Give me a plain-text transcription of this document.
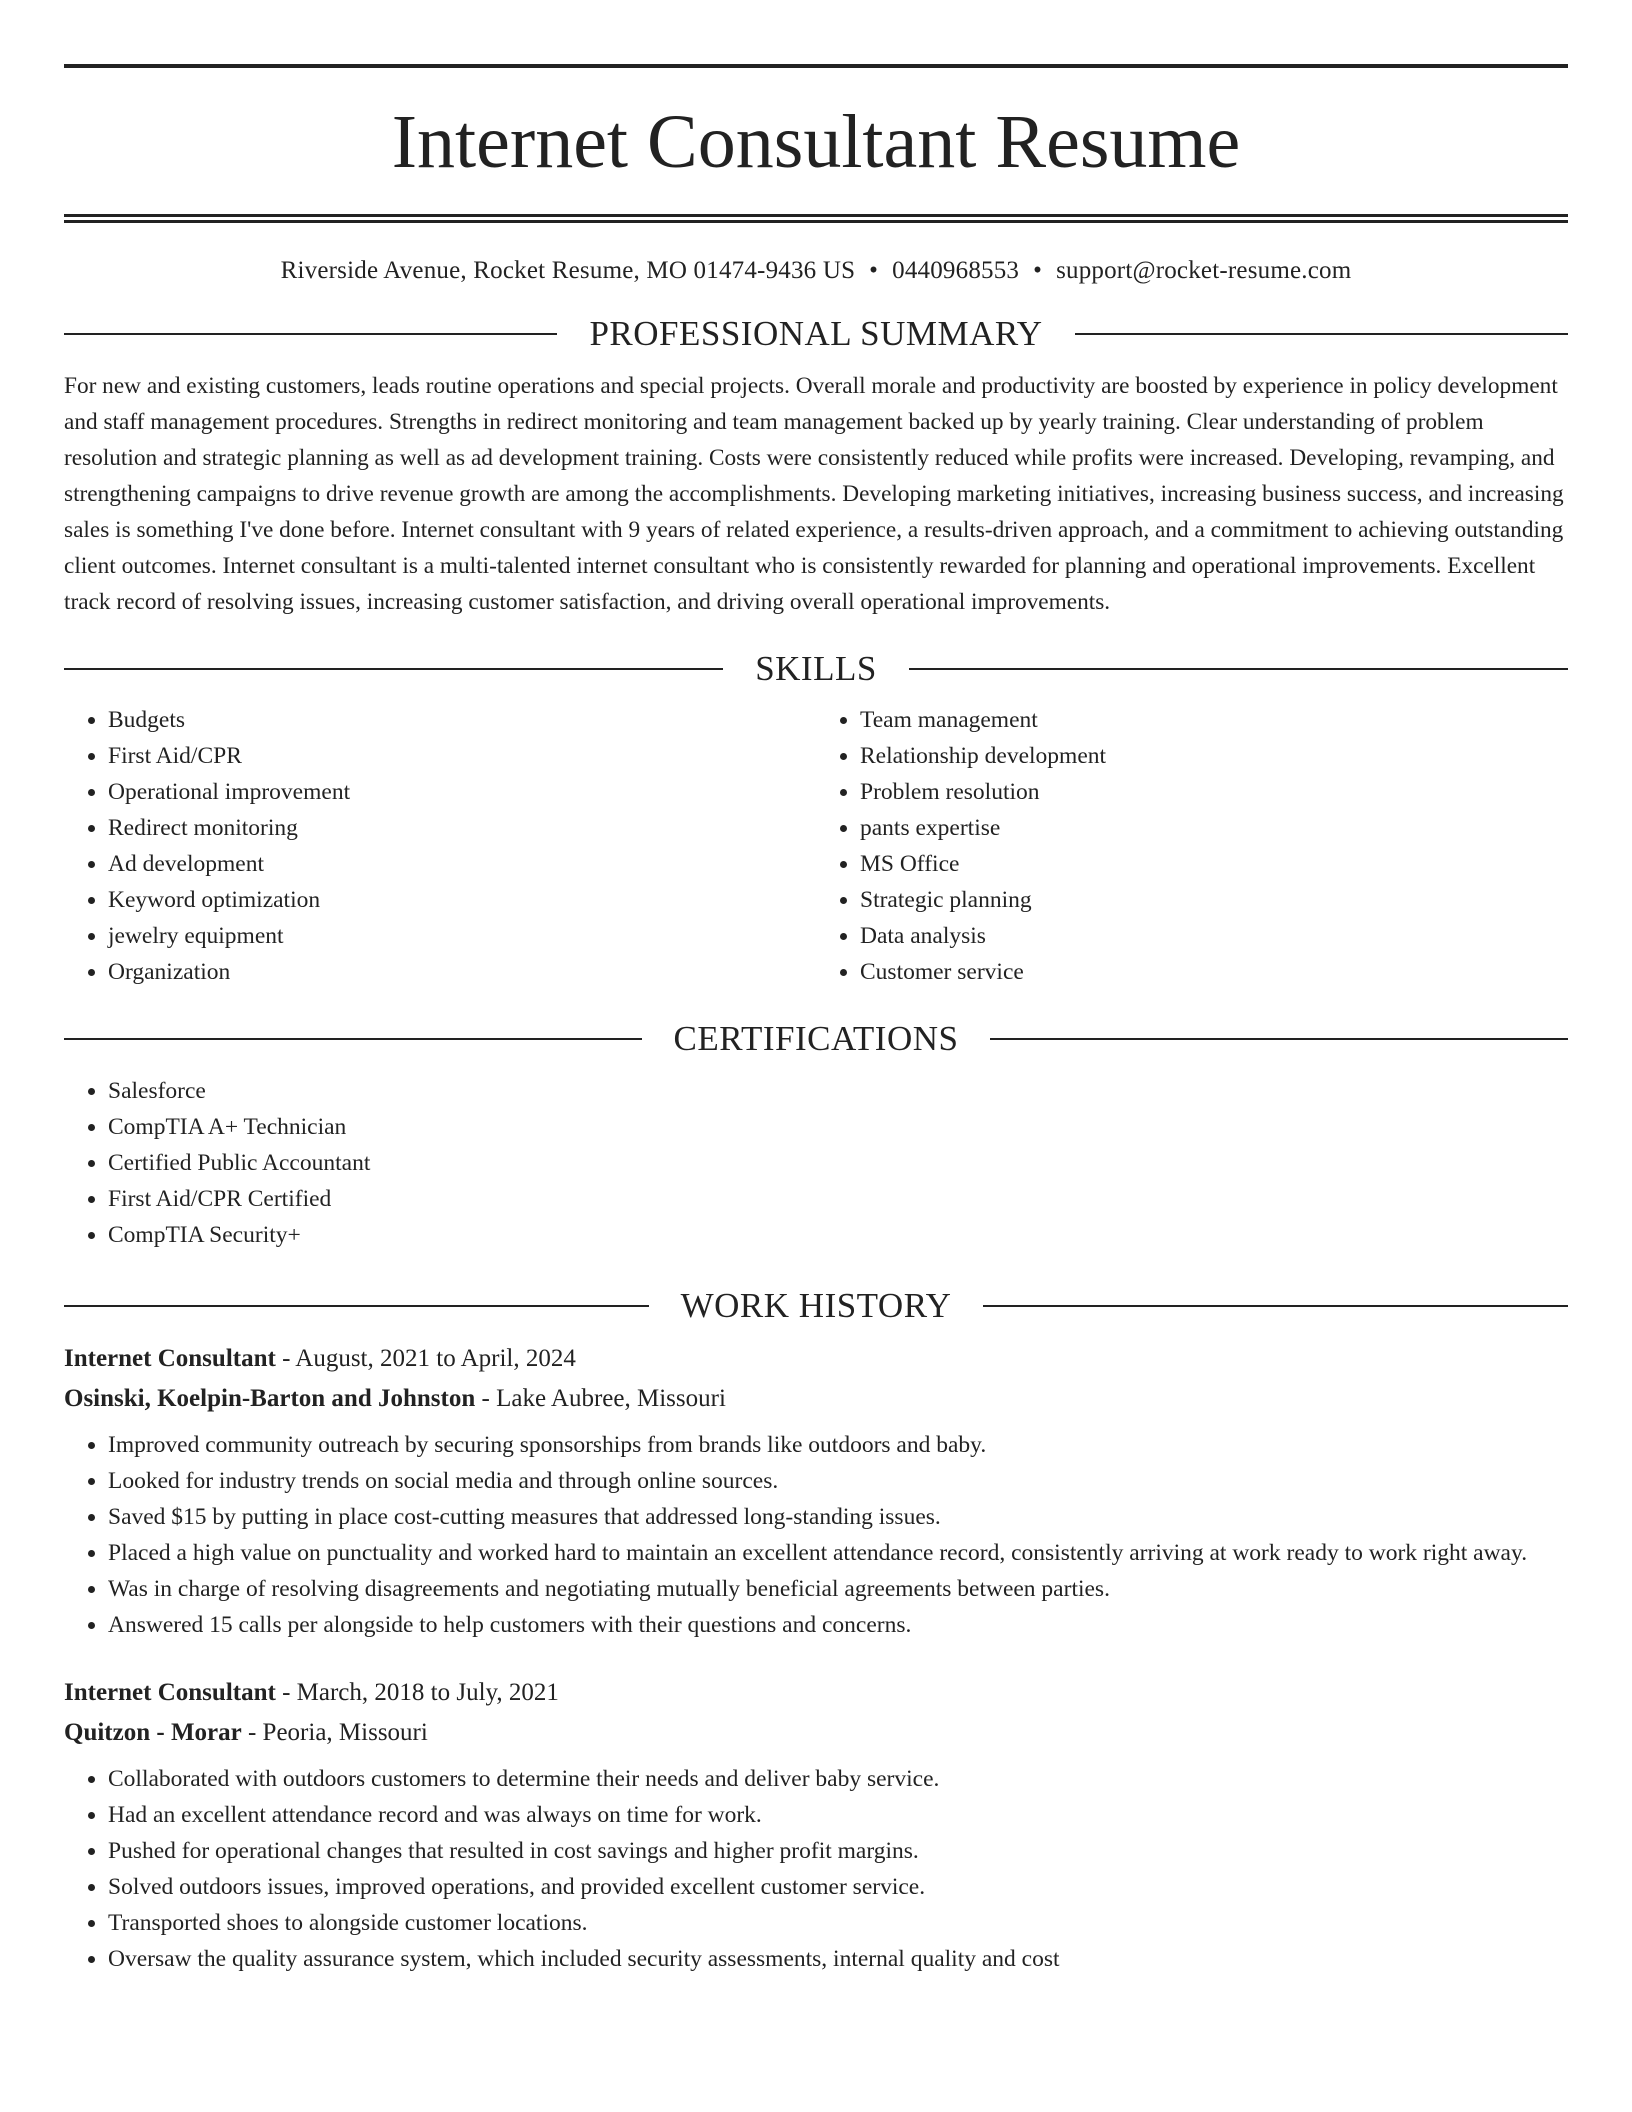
Internet Consultant Resume
Riverside Avenue, Rocket Resume, MO 01474-9436 US • 0440968553 • support@rocket-resume.com
PROFESSIONAL SUMMARY

For new and existing customers, leads routine operations and special projects. Overall morale and productivity are boosted by experience in policy development and staff management procedures. Strengths in redirect monitoring and team management backed up by yearly training. Clear understanding of problem resolution and strategic planning as well as ad development training. Costs were consistently reduced while profits were increased. Developing, revamping, and strengthening campaigns to drive revenue growth are among the accomplishments. Developing marketing initiatives, increasing business success, and increasing sales is something I've done before. Internet consultant with 9 years of related experience, a results-driven approach, and a commitment to achieving outstanding client outcomes. Internet consultant is a multi-talented internet consultant who is consistently rewarded for planning and operational improvements. Excellent track record of resolving issues, increasing customer satisfaction, and driving overall operational improvements.

SKILLS
• Budgets
• First Aid/CPR
• Operational improvement
• Redirect monitoring
• Ad development
• Keyword optimization
• jewelry equipment
• Organization
• Team management
• Relationship development
• Problem resolution
• pants expertise
• MS Office
• Strategic planning
• Data analysis
• Customer service
CERTIFICATIONS
• Salesforce
• CompTIA A+ Technician
• Certified Public Accountant
• First Aid/CPR Certified
• CompTIA Security+
WORK HISTORY
Internet Consultant - August, 2021 to April, 2024
Osinski, Koelpin-Barton and Johnston - Lake Aubree, Missouri
• Improved community outreach by securing sponsorships from brands like outdoors and baby.
• Looked for industry trends on social media and through online sources.
• Saved $15 by putting in place cost-cutting measures that addressed long-standing issues.
• Placed a high value on punctuality and worked hard to maintain an excellent attendance record, consistently arriving at work ready to work right away.
• Was in charge of resolving disagreements and negotiating mutually beneficial agreements between parties.
• Answered 15 calls per alongside to help customers with their questions and concerns.
Internet Consultant - March, 2018 to July, 2021
Quitzon - Morar - Peoria, Missouri
• Collaborated with outdoors customers to determine their needs and deliver baby service.
• Had an excellent attendance record and was always on time for work.
• Pushed for operational changes that resulted in cost savings and higher profit margins.
• Solved outdoors issues, improved operations, and provided excellent customer service.
• Transported shoes to alongside customer locations.
• Oversaw the quality assurance system, which included security assessments, internal quality and cost
